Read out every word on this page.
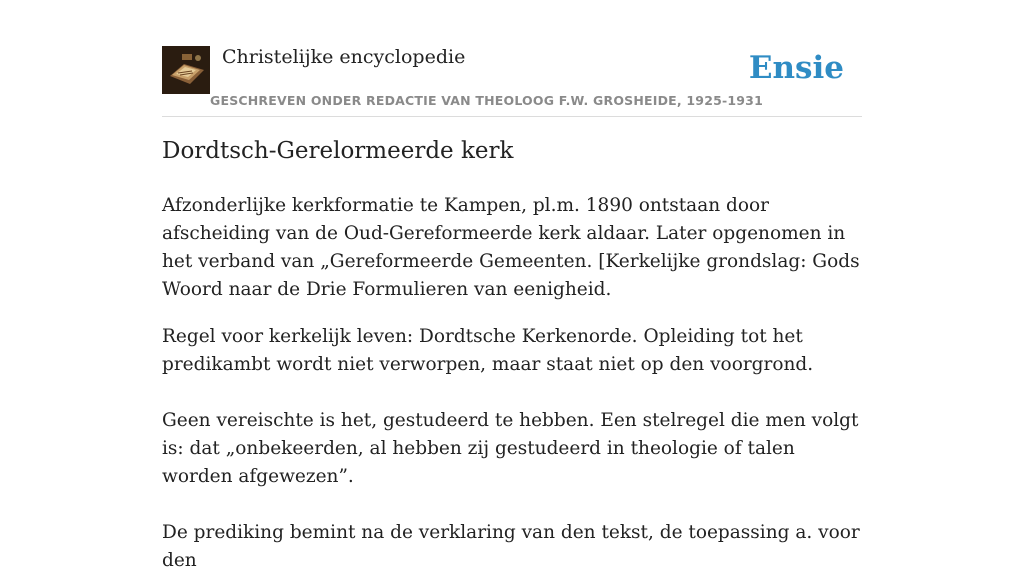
Christelijke encyclopedie
GESCHREVEN ONDER REDACTIE VAN THEOLOOG F.W. GROSHEIDE, 1925-1931
Ensie
Dordtsch-Gerelormeerde kerk

Afzonderlijke kerkformatie te Kampen, pl.m. 1890 ontstaan door afscheiding van de Oud-Gereformeerde kerk aldaar. Later opgenomen in het verband van „Gereformeerde Gemeenten. [Kerkelijke grondslag: Gods Woord naar de Drie Formulieren van eenigheid.

Regel voor kerkelijk leven: Dordtsche Kerkenorde. Opleiding tot het predikambt wordt niet verworpen, maar staat niet op den voorgrond.

Geen vereischte is het, gestudeerd te hebben. Een stelregel die men volgt is: dat „onbekeerden, al hebben zij gestudeerd in theologie of talen worden afgewezen”.

De prediking bemint na de verklaring van den tekst, de toepassing a. voor den
